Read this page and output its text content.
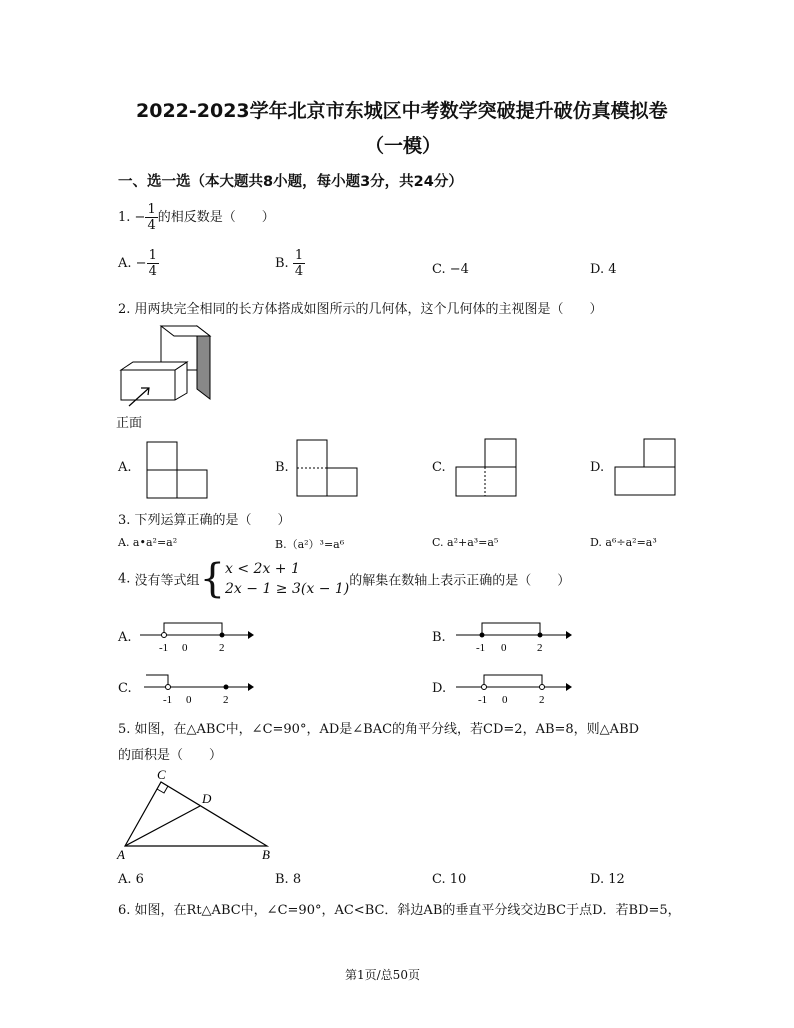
2022-2023学年北京市东城区中考数学突破提升破仿真模拟卷
（一模）
一、选一选（本大题共8小题，每小题3分，共24分）
1. − $\frac{1}{4}$ 的相反数是（　　）
A. − $\frac{1}{4}$	B. $\frac{1}{4}$	C. −4	D. 4
2. 用两块完全相同的长方体搭成如图所示的几何体，这个几何体的主视图是（　　）
正面
A.	B.	C.	D.
3. 下列运算正确的是（　　）
A. a•a²=a²	B.（a²）³=a⁶	C. a²+a³=a⁵	D. a⁶÷a²=a³
4. 没有等式组{ x < 2x + 1
2x − 1 ≥ 3(x − 1) 的解集在数轴上表示正确的是（　　）
A.
-1 0	2
B.
-1 0	2
C.
-1 0	2
D.
-1 0	2
5. 如图，在△ABC中，∠C=90°，AD是∠BAC的角平分线，若CD=2，AB=8，则△ABD
的面积是（　　）
C
D
A	B
A. 6	B. 8	C. 10	D. 12
6. 如图，在Rt△ABC中，∠C=90°，AC<BC．斜边AB的垂直平分线交边BC于点D．若BD=5，
第1页/总50页
